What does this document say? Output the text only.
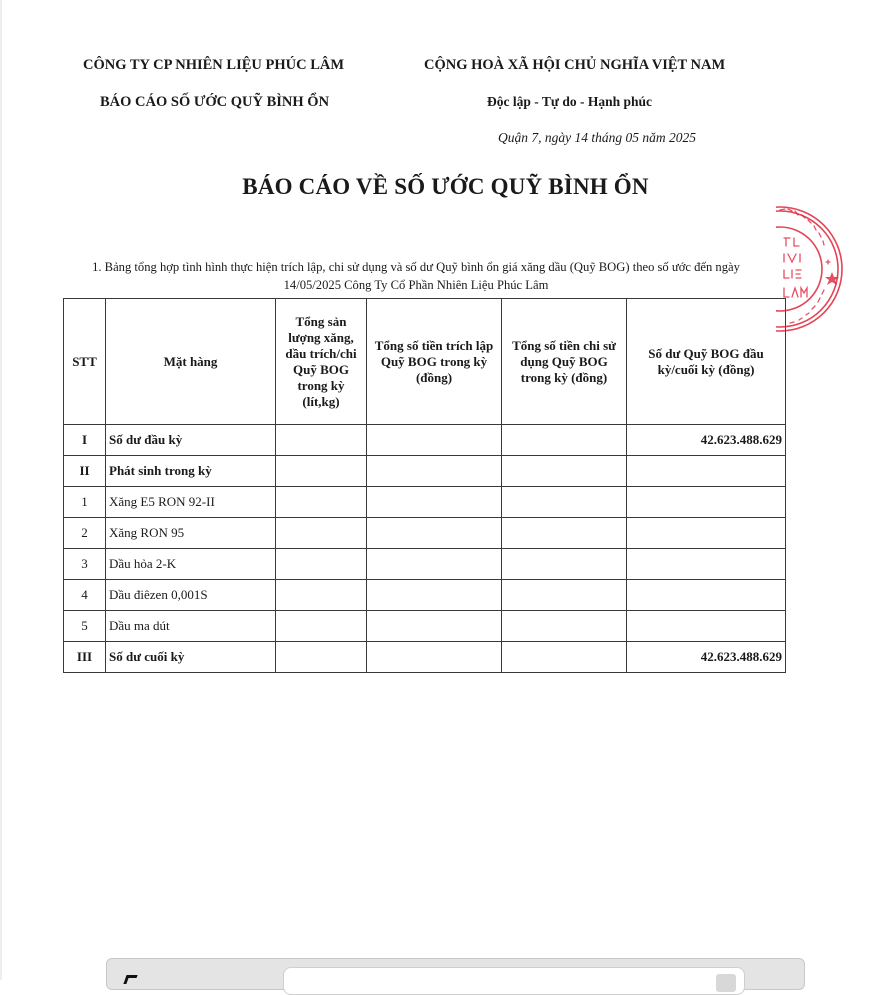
CÔNG TY CP NHIÊN LIỆU PHÚC LÂM
BÁO CÁO SỐ ƯỚC QUỸ BÌNH ỔN
CỘNG HOÀ XÃ HỘI CHỦ NGHĨA VIỆT NAM
Độc lập - Tự do - Hạnh phúc
Quận 7, ngày 14 tháng 05 năm 2025
BÁO CÁO VỀ SỐ ƯỚC QUỸ BÌNH ỔN
1. Bảng tổng hợp tình hình thực hiện trích lập, chi sử dụng và số dư Quỹ bình ổn giá xăng dầu (Quỹ BOG) theo số ước đến ngày 14/05/2025 Công Ty Cổ Phần Nhiên Liệu Phúc Lâm
STT	Mặt hàng	Tổng sản lượng xăng, dầu trích/chi Quỹ BOG trong kỳ (lít,kg)	Tổng số tiền trích lập Quỹ BOG trong kỳ (đồng)	Tổng số tiền chi sử dụng Quỹ BOG trong kỳ (đồng)	Số dư Quỹ BOG đầu kỳ/cuối kỳ (đồng)
I	Số dư đầu kỳ				42.623.488.629
II	Phát sinh trong kỳ				
1	Xăng E5 RON 92-II				
2	Xăng RON 95				
3	Dầu hỏa 2-K				
4	Dầu điêzen 0,001S				
5	Dầu ma dút				
III	Số dư cuối kỳ				42.623.488.629
